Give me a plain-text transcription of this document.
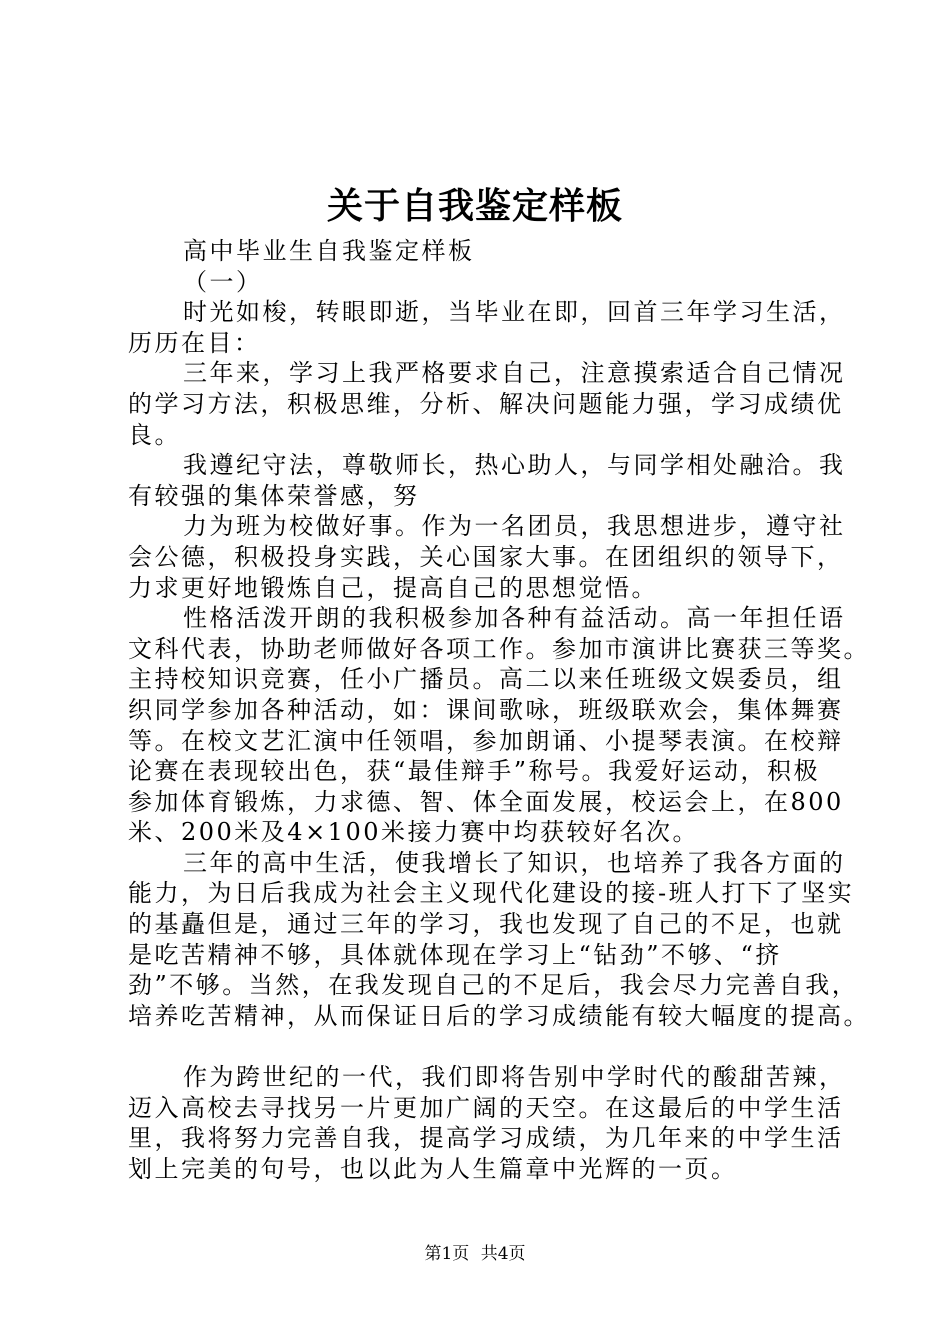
关于自我鉴定样板
高中毕业生自我鉴定样板
（一）
时光如梭，转眼即逝，当毕业在即，回首三年学习生活，
历历在目：
三年来，学习上我严格要求自己，注意摸索适合自己情况
的学习方法，积极思维，分析、解决问题能力强，学习成绩优
良。
我遵纪守法，尊敬师长，热心助人，与同学相处融洽。我
有较强的集体荣誉感，努
力为班为校做好事。作为一名团员，我思想进步，遵守社
会公德，积极投身实践，关心国家大事。在团组织的领导下，
力求更好地锻炼自己，提高自己的思想觉悟。
性格活泼开朗的我积极参加各种有益活动。高一年担任语
文科代表，协助老师做好各项工作。参加市演讲比赛获三等奖。
主持校知识竞赛，任小广播员。高二以来任班级文娱委员，组
织同学参加各种活动，如：课间歌咏，班级联欢会，集体舞赛
等。在校文艺汇演中任领唱，参加朗诵、小提琴表演。在校辩
论赛在表现较出色，获“最佳辩手”称号。我爱好运动，积极
参加体育锻炼，力求德、智、体全面发展，校运会上，在800
米、200米及4×100米接力赛中均获较好名次。
三年的高中生活，使我增长了知识，也培养了我各方面的
能力，为日后我成为社会主义现代化建设的接-班人打下了坚实
的基矗但是，通过三年的学习，我也发现了自己的不足，也就
是吃苦精神不够，具体就体现在学习上“钻劲”不够、“挤
劲”不够。当然，在我发现自己的不足后，我会尽力完善自我，
培养吃苦精神，从而保证日后的学习成绩能有较大幅度的提高。
作为跨世纪的一代，我们即将告别中学时代的酸甜苦辣，
迈入高校去寻找另一片更加广阔的天空。在这最后的中学生活
里，我将努力完善自我，提高学习成绩，为几年来的中学生活
划上完美的句号，也以此为人生篇章中光辉的一页。
第1页 共4页
